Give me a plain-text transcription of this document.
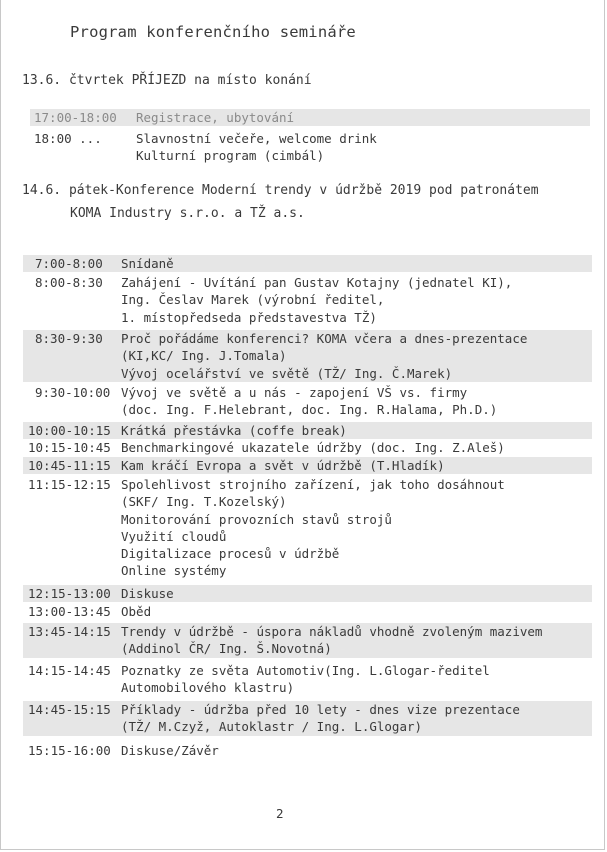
Program konferenčního semináře
13.6. čtvrtek PŘÍJEZD na místo konání
17:00-18:00	Registrace, ubytování
18:00 ...	Slavnostní večeře, welcome drink
Kulturní program (cimbál)
14.6. pátek-Konference Moderní trendy v údržbě 2019 pod patronátem
KOMA Industry s.r.o. a TŽ a.s.
7:00-8:00	Snídaně
8:00-8:30	Zahájení - Uvítání pan Gustav Kotajny (jednatel KI),
Ing. Česlav Marek (výrobní ředitel,
1. místopředseda představestva TŽ)
8:30-9:30	Proč pořádáme konferenci? KOMA včera a dnes-prezentace
(KI,KC/ Ing. J.Tomala)
Vývoj ocelářství ve světě (TŽ/ Ing. Č.Marek)
9:30-10:00 Vývoj ve světě a u nás - zapojení VŠ vs. firmy
(doc. Ing. F.Helebrant, doc. Ing. R.Halama, Ph.D.)
10:00-10:15 Krátká přestávka (coffe break)
10:15-10:45 Benchmarkingové ukazatele údržby (doc. Ing. Z.Aleš)
10:45-11:15 Kam kráčí Evropa a svět v údržbě (T.Hladík)
11:15-12:15 Spolehlivost strojního zařízení, jak toho dosáhnout
(SKF/ Ing. T.Kozelský)
Monitorování provozních stavů strojů
Využití cloudů
Digitalizace procesů v údržbě
Online systémy
12:15-13:00 Diskuse
13:00-13:45 Oběd
13:45-14:15 Trendy v údržbě - úspora nákladů vhodně zvoleným mazivem
(Addinol ČR/ Ing. Š.Novotná)
14:15-14:45 Poznatky ze světa Automotiv(Ing. L.Glogar-ředitel
Automobilového klastru)
14:45-15:15 Příklady - údržba před 10 lety - dnes vize prezentace
(TŽ/ M.Czyž, Autoklastr / Ing. L.Glogar)
15:15-16:00 Diskuse/Závěr
2
